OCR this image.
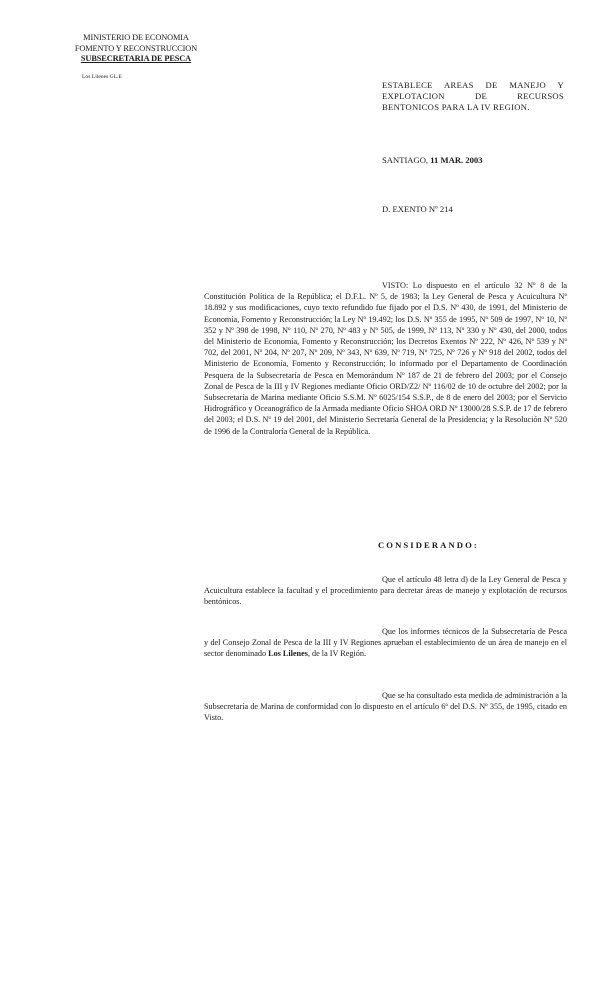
MINISTERIO DE ECONOMIA
FOMENTO Y RECONSTRUCCION
SUBSECRETARIA DE PESCA
Los Lilenes GL.E
ESTABLECE AREAS DE MANEJO Y
EXPLOTACION DE RECURSOS
BENTONICOS PARA LA IV REGION.
SANTIAGO, 11 MAR. 2003
D. EXENTO Nº 214
VISTO: Lo dispuesto en el artículo 32 Nº 8 de la Constitución Política de la República; el D.F.L. Nº 5, de 1983; la Ley General de Pesca y Acuicultura Nº 18.892 y sus modificaciones, cuyo texto refundido fue fijado por el D.S. Nº 430, de 1991, del Ministerio de Economía, Fomento y Reconstrucción; la Ley Nº 19.492; los D.S. Nº 355 de 1995, Nº 509 de 1997, Nº 10, Nº 352 y Nº 398 de 1998, Nº 110, Nº 270, Nº 483 y Nº 505, de 1999, Nº 113, Nº 330 y Nº 430, del 2000, todos del Ministerio de Economía, Fomento y Reconstrucción; los Decretos Exentos Nº 222, Nº 426, Nº 539 y Nº 702, del 2001, Nº 204, Nº 207, Nº 209, Nº 343, Nº 639, Nº 719, Nº 725, Nº 726 y Nº 918 del 2002, todos del Ministerio de Economía, Fomento y Reconstrucción; lo informado por el Departamento de Coordinación Pesquera de la Subsecretaría de Pesca en Memorándum Nº 187 de 21 de febrero del 2003; por el Consejo Zonal de Pesca de la III y IV Regiones mediante Oficio ORD/Z2/ Nº 116/02 de 10 de octubre del 2002; por la Subsecretaría de Marina mediante Oficio S.S.M. Nº 6025/154 S.S.P., de 8 de enero del 2003; por el Servicio Hidrográfico y Oceanográfico de la Armada mediante Oficio SHOA ORD Nº 13000/28 S.S.P. de 17 de febrero del 2003; el D.S. Nº 19 del 2001, del Ministerio Secretaría General de la Presidencia; y la Resolución Nº 520 de 1996 de la Contraloría General de la República.
CONSIDERANDO:
Que el artículo 48 letra d) de la Ley General de Pesca y Acuicultura establece la facultad y el procedimiento para decretar áreas de manejo y explotación de recursos bentónicos.
Que los informes técnicos de la Subsecretaría de Pesca y del Consejo Zonal de Pesca de la III y IV Regiones aprueban el establecimiento de un área de manejo en el sector denominado Los Lilenes, de la IV Región.
Que se ha consultado esta medida de administración a la Subsecretaría de Marina de conformidad con lo dispuesto en el artículo 6º del D.S. Nº 355, de 1995, citado en Visto.
